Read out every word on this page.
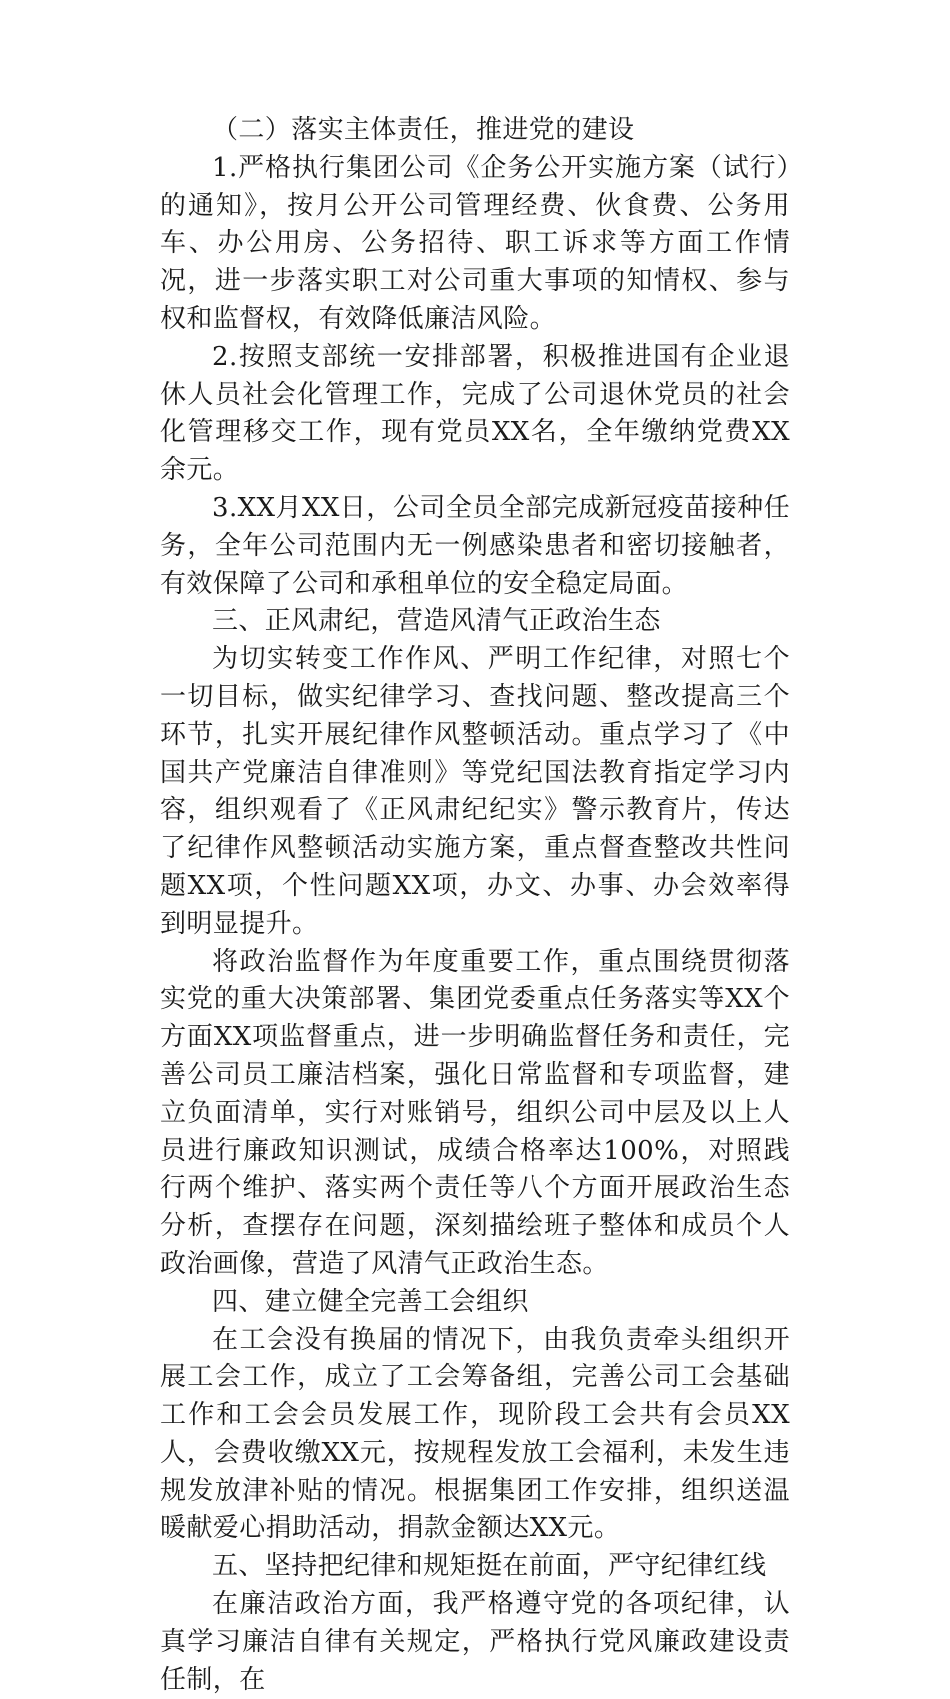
（二）落实主体责任，推进党的建设

1.严格执行集团公司《企务公开实施方案（试行）的通知》，按月公开公司管理经费、伙食费、公务用车、办公用房、公务招待、职工诉求等方面工作情况，进一步落实职工对公司重大事项的知情权、参与权和监督权，有效降低廉洁风险。

2.按照支部统一安排部署，积极推进国有企业退休人员社会化管理工作，完成了公司退休党员的社会化管理移交工作，现有党员XX名，全年缴纳党费XX余元。

3.XX月XX日，公司全员全部完成新冠疫苗接种任务，全年公司范围内无一例感染患者和密切接触者，有效保障了公司和承租单位的安全稳定局面。

三、正风肃纪，营造风清气正政治生态

为切实转变工作作风、严明工作纪律，对照七个一切目标，做实纪律学习、查找问题、整改提高三个环节，扎实开展纪律作风整顿活动。重点学习了《中国共产党廉洁自律准则》等党纪国法教育指定学习内容，组织观看了《正风肃纪纪实》警示教育片，传达了纪律作风整顿活动实施方案，重点督查整改共性问题XX项，个性问题XX项，办文、办事、办会效率得到明显提升。

将政治监督作为年度重要工作，重点围绕贯彻落实党的重大决策部署、集团党委重点任务落实等XX个方面XX项监督重点，进一步明确监督任务和责任，完善公司员工廉洁档案，强化日常监督和专项监督，建立负面清单，实行对账销号，组织公司中层及以上人员进行廉政知识测试，成绩合格率达100%，对照践行两个维护、落实两个责任等八个方面开展政治生态分析，查摆存在问题，深刻描绘班子整体和成员个人政治画像，营造了风清气正政治生态。

四、建立健全完善工会组织

在工会没有换届的情况下，由我负责牵头组织开展工会工作，成立了工会筹备组，完善公司工会基础工作和工会会员发展工作，现阶段工会共有会员XX人，会费收缴XX元，按规程发放工会福利，未发生违规发放津补贴的情况。根据集团工作安排，组织送温暖献爱心捐助活动，捐款金额达XX元。

五、坚持把纪律和规矩挺在前面，严守纪律红线

在廉洁政治方面，我严格遵守党的各项纪律，认真学习廉洁自律有关规定，严格执行党风廉政建设责任制，在
